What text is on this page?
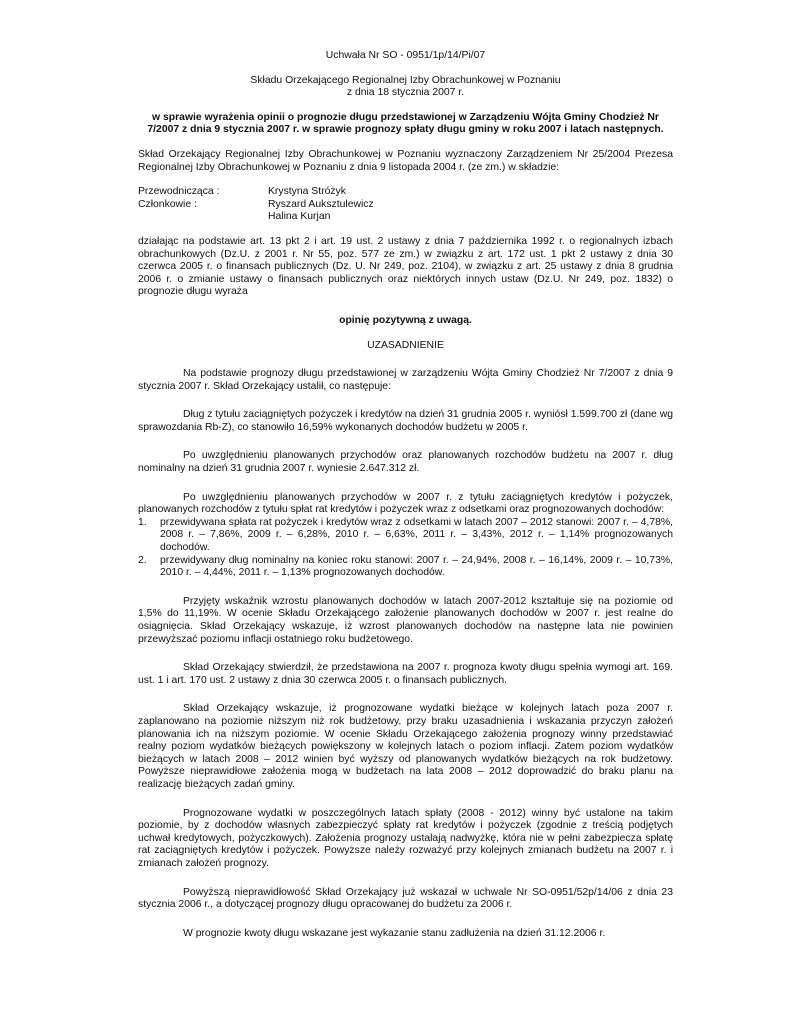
Uchwała Nr SO - 0951/1p/14/Pi/07

Składu Orzekającego Regionalnej Izby Obrachunkowej w Poznaniu

z dnia 18 stycznia 2007 r.

w sprawie wyrażenia opinii o prognozie długu przedstawionej w Zarządzeniu Wójta Gminy Chodzież Nr 7/2007 z dnia 9 stycznia 2007 r. w sprawie prognozy spłaty długu gminy w roku 2007 i latach następnych.

Skład Orzekający Regionalnej Izby Obrachunkowej w Poznaniu wyznaczony Zarządzeniem Nr 25/2004 Prezesa Regionalnej Izby Obrachunkowej w Poznaniu z dnia 9 listopada 2004 r. (ze zm.) w składzie:

Przewodnicząca :	Krystyna Stróżyk
Członkowie :	Ryszard Auksztulewicz
Halina Kurjan

działając na podstawie art. 13 pkt 2 i art. 19 ust. 2 ustawy z dnia 7 października 1992 r. o regionalnych izbach obrachunkowych (Dz.U. z 2001 r. Nr 55, poz. 577 ze zm.) w związku z art. 172 ust. 1 pkt 2 ustawy z dnia 30 czerwca 2005 r. o finansach publicznych (Dz. U. Nr 249, poz. 2104), w związku z art. 25 ustawy z dnia 8 grudnia 2006 r. o zmianie ustawy o finansach publicznych oraz niektórych innych ustaw (Dz.U. Nr 249, poz. 1832) o prognozie długu wyraża

opinię pozytywną z uwagą.

UZASADNIENIE

Na podstawie prognozy długu przedstawionej w zarządzeniu Wójta Gminy Chodzież Nr 7/2007 z dnia 9 stycznia 2007 r. Skład Orzekający ustalił, co następuje:

Dług z tytułu zaciągniętych pożyczek i kredytów na dzień 31 grudnia 2005 r. wyniósł 1.599.700 zł (dane wg sprawozdania Rb-Z), co stanowiło 16,59% wykonanych dochodów budżetu w 2005 r.

Po uwzględnieniu planowanych przychodów oraz planowanych rozchodów budżetu na 2007 r. dług nominalny na dzień 31 grudnia 2007 r. wyniesie 2.647.312 zł.

Po uwzględnieniu planowanych przychodów w 2007 r. z tytułu zaciągniętych kredytów i pożyczek, planowanych rozchodów z tytułu spłat rat kredytów i pożyczek wraz z odsetkami oraz prognozowanych dochodów:

1.	przewidywana spłata rat pożyczek i kredytów wraz z odsetkami w latach 2007 – 2012 stanowi: 2007 r. – 4,78%, 2008 r. – 7,86%, 2009 r. – 6,28%, 2010 r. – 6,63%, 2011 r. – 3,43%, 2012 r. – 1,14% prognozowanych dochodów.
2.	przewidywany dług nominalny na koniec roku stanowi: 2007 r. – 24,94%, 2008 r. – 16,14%, 2009 r. – 10,73%, 2010 r. – 4,44%, 2011 r. – 1,13% prognozowanych dochodów.

Przyjęty wskaźnik wzrostu planowanych dochodów w latach 2007-2012 kształtuje się na poziomie od 1,5% do 11,19%. W ocenie Składu Orzekającego założenie planowanych dochodów w 2007 r. jest realne do osiągnięcia. Skład Orzekający wskazuje, iż wzrost planowanych dochodów na następne lata nie powinien przewyższać poziomu inflacji ostatniego roku budżetowego.

Skład Orzekający stwierdził, że przedstawiona na 2007 r. prognoza kwoty długu spełnia wymogi art. 169. ust. 1 i art. 170 ust. 2 ustawy z dnia 30 czerwca 2005 r. o finansach publicznych.

Skład Orzekający wskazuje, iż prognozowane wydatki bieżące w kolejnych latach poza 2007 r. zaplanowano na poziomie niższym niż rok budżetowy, przy braku uzasadnienia i wskazania przyczyn założeń planowania ich na niższym poziomie. W ocenie Składu Orzekającego założenia prognozy winny przedstawiać realny poziom wydatków bieżących powiększony w kolejnych latach o poziom inflacji. Zatem poziom wydatków bieżących w latach 2008 – 2012 winien być wyższy od planowanych wydatków bieżących na rok budżetowy. Powyższe nieprawidłowe założenia mogą w budżetach na lata 2008 – 2012 doprowadzić do braku planu na realizację bieżących zadań gminy.

Prognozowane wydatki w poszczególnych latach spłaty (2008 - 2012) winny być ustalone na takim poziomie, by z dochodów własnych zabezpieczyć spłaty rat kredytów i pożyczek (zgodnie z treścią podjętych uchwał kredytowych, pożyczkowych). Założenia prognozy ustalają nadwyżkę, która nie w pełni zabezpiecza spłatę rat zaciągniętych kredytów i pożyczek. Powyższe należy rozważyć przy kolejnych zmianach budżetu na 2007 r. i zmianach założeń prognozy.

Powyższą nieprawidłowość Skład Orzekający już wskazał w uchwale Nr SO-0951/52p/14/06 z dnia 23 stycznia 2006 r., a dotyczącej prognozy długu opracowanej do budżetu za 2006 r.

W prognozie kwoty długu wskazane jest wykazanie stanu zadłużenia na dzień 31.12.2006 r.
